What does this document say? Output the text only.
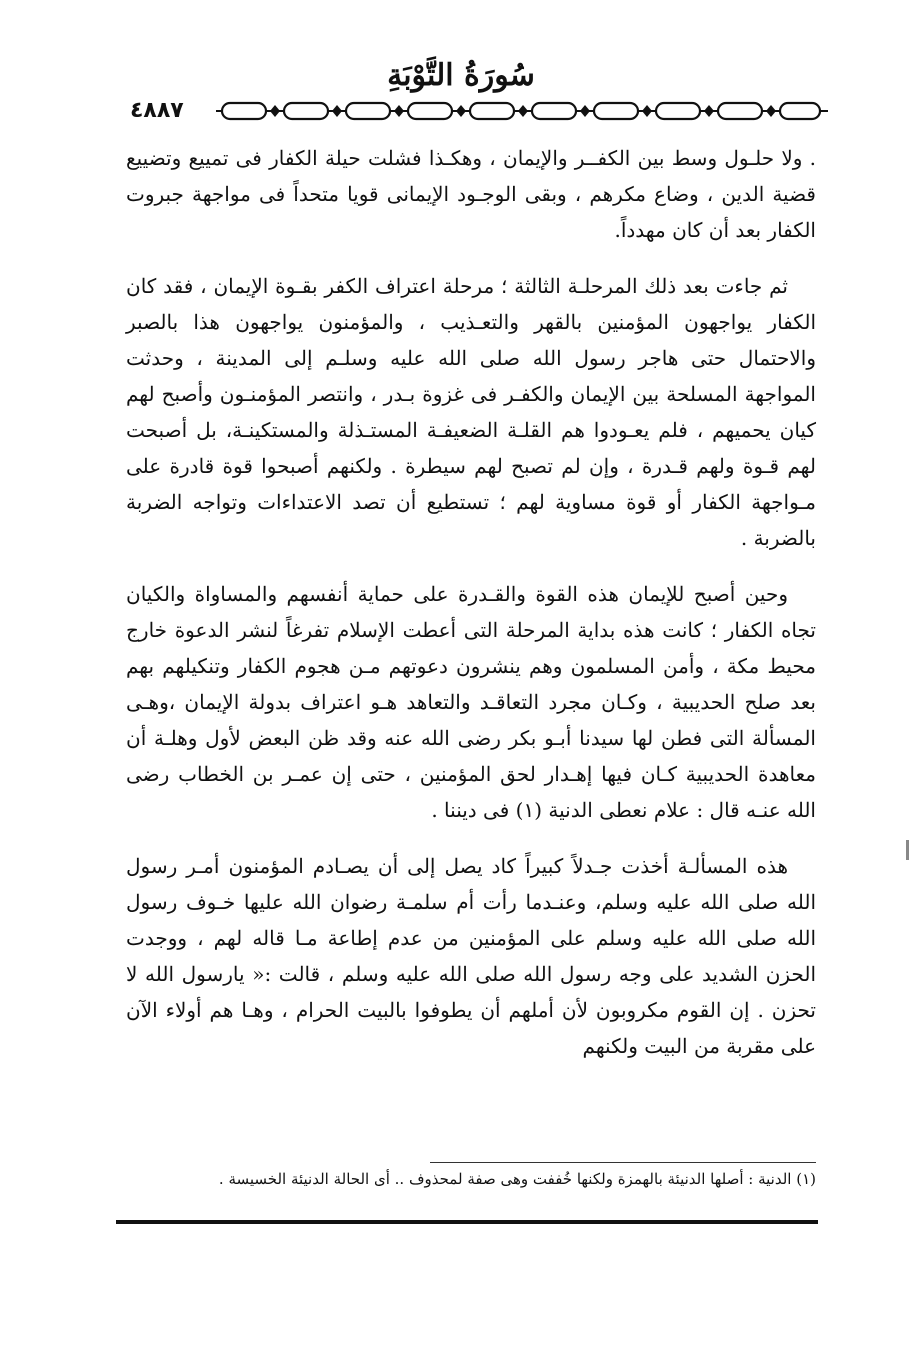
سُورَةُ التَّوْبَةِ
٤٨٨٧

. ولا حلـول وسط بين الكفــر والإيمان ، وهكـذا فشلت حيلة الكفار فى تمييع وتضييع قضية الدين ، وضاع مكرهم ، وبقى الوجـود الإيمانى قويا متحداً فى مواجهة جبروت الكفار بعد أن كان مهدداً.

ثم جاءت بعد ذلك المرحلـة الثالثة ؛ مرحلة اعتراف الكفر بقـوة الإيمان ، فقد كان الكفار يواجهون المؤمنين بالقهر والتعـذيب ، والمؤمنون يواجهون هذا بالصبر والاحتمال حتى هاجر رسول الله صلى الله عليه وسلـم إلى المدينة ، وحدثت المواجهة المسلحة بين الإيمان والكفـر فى غزوة بـدر ، وانتصر المؤمنـون وأصبح لهم كيان يحميهم ، فلم يعـودوا هم القلـة الضعيفـة المستـذلة والمستكينـة، بل أصبحت لهم قـوة ولهم قـدرة ، وإن لم تصبح لهم سيطرة . ولكنهم أصبحوا قوة قادرة على مـواجهة الكفار أو قوة مساوية لهم ؛ تستطيع أن تصد الاعتداءات وتواجه الضربة بالضربة .

وحين أصبح للإيمان هذه القوة والقـدرة على حماية أنفسهم والمساواة والكيان تجاه الكفار ؛ كانت هذه بداية المرحلة التى أعطت الإسلام تفرغاً لنشر الدعوة خارج محيط مكة ، وأمن المسلمون وهم ينشرون دعوتهم مـن هجوم الكفار وتنكيلهم بهم بعد صلح الحديبية ، وكـان مجرد التعاقـد والتعاهد هـو اعتراف بدولة الإيمان ،وهـى المسألة التى فطن لها سيدنا أبـو بكر رضى الله عنه وقد ظن البعض لأول وهلـة أن معاهدة الحديبية كـان فيها إهـدار لحق المؤمنين ، حتى إن عمـر بن الخطاب رضى الله عنـه قال : علام نعطى الدنية (١) فى ديننا .

هذه المسألـة أخذت جـدلاً كبيراً كاد يصل إلى أن يصـادم المؤمنون أمـر رسول الله صلى الله عليه وسلم، وعنـدما رأت أم سلمـة رضوان الله عليها خـوف رسول الله صلى الله عليه وسلم على المؤمنين من عدم إطاعة مـا قاله لهم ، ووجدت الحزن الشديد على وجه رسول الله صلى الله عليه وسلم ، قالت :« يارسول الله لا تحزن . إن القوم مكروبون لأن أملهم أن يطوفوا بالبيت الحرام ، وهـا هم أولاء الآن على مقربة من البيت ولكنهم

(١) الدنية : أصلها الدنيئة بالهمزة ولكنها خُففت وهى صفة لمحذوف .. أى الحالة الدنيئة الخسيسة .
